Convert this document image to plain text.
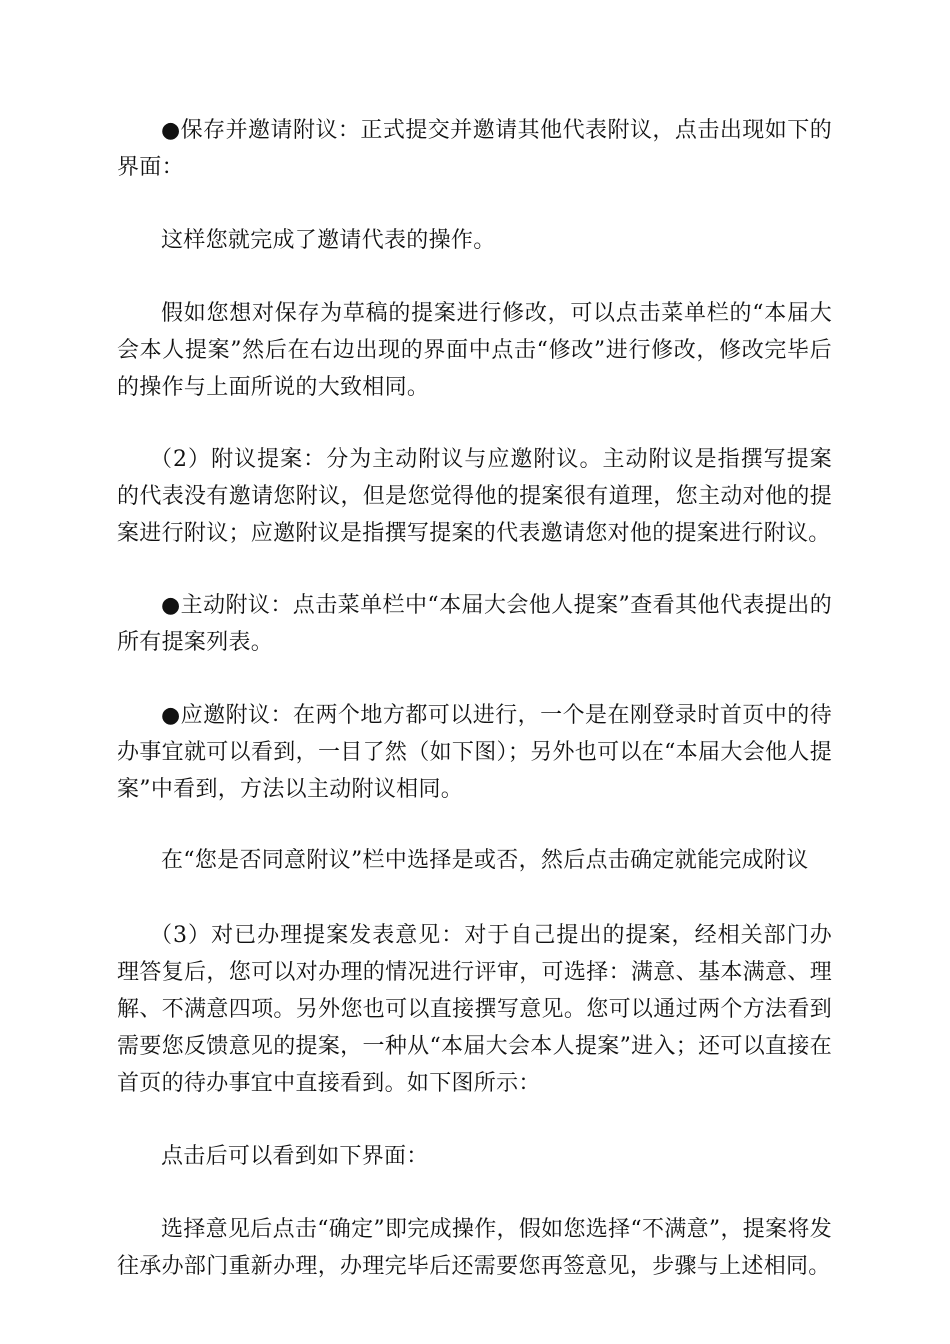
●保存并邀请附议：正式提交并邀请其他代表附议，点击出现如下的界面：

这样您就完成了邀请代表的操作。

假如您想对保存为草稿的提案进行修改，可以点击菜单栏的“本届大会本人提案”然后在右边出现的界面中点击“修改”进行修改，修改完毕后的操作与上面所说的大致相同。

（2）附议提案：分为主动附议与应邀附议。主动附议是指撰写提案的代表没有邀请您附议，但是您觉得他的提案很有道理，您主动对他的提案进行附议；应邀附议是指撰写提案的代表邀请您对他的提案进行附议。

●主动附议：点击菜单栏中“本届大会他人提案”查看其他代表提出的所有提案列表。

●应邀附议：在两个地方都可以进行，一个是在刚登录时首页中的待办事宜就可以看到，一目了然（如下图）；另外也可以在“本届大会他人提案”中看到，方法以主动附议相同。

在“您是否同意附议”栏中选择是或否，然后点击确定就能完成附议

（3）对已办理提案发表意见：对于自己提出的提案，经相关部门办理答复后，您可以对办理的情况进行评审，可选择：满意、基本满意、理解、不满意四项。另外您也可以直接撰写意见。您可以通过两个方法看到需要您反馈意见的提案，一种从“本届大会本人提案”进入；还可以直接在首页的待办事宜中直接看到。如下图所示：

点击后可以看到如下界面：

选择意见后点击“确定”即完成操作，假如您选择“不满意”，提案将发往承办部门重新办理，办理完毕后还需要您再签意见，步骤与上述相同。
